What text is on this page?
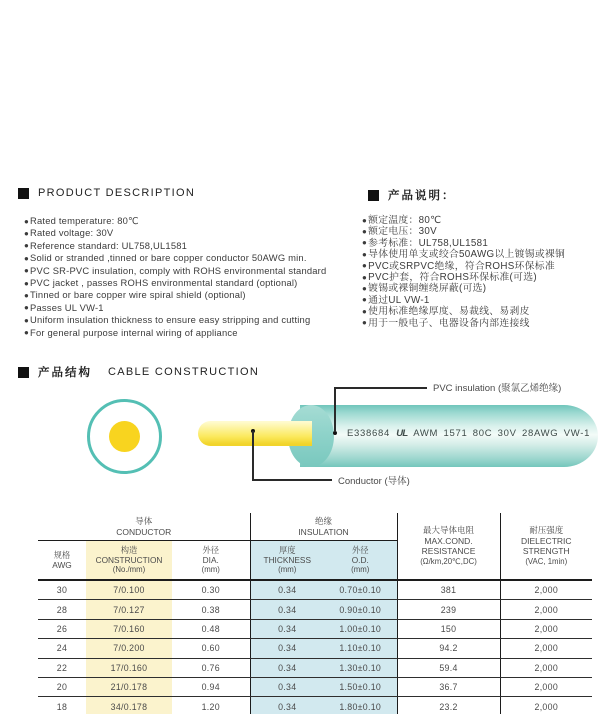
PRODUCT DESCRIPTION
● Rated temperature: 80℃
● Rated voltage: 30V
● Reference standard: UL758,UL1581
● Solid or stranded ,tinned or bare copper conductor 50AWG min.
● PVC SR-PVC insulation, comply with ROHS environmental standard
● PVC jacket , passes ROHS environmental standard (optional)
● Tinned or bare copper wire spiral shield (optional)
● Passes UL VW-1
● Uniform insulation thickness to ensure easy stripping and cutting
● For general purpose internal wiring of appliance
产品说明：
● 额定温度：80℃
● 额定电压：30V
● 参考标准：UL758,UL1581
● 导体使用单支或绞合50AWG以上镀锡或裸铜
● PVC或SRPVC绝缘，符合ROHS环保标准
● PVC护套，符合ROHS环保标准(可选)
● 镀锡或裸铜缠绕屏蔽(可选)
● 通过UL VW-1
● 使用标准绝缘厚度、易裁线、易剥皮
● 用于一般电子、电器设备内部连接线
产品结构 CABLE CONSTRUCTION
E338684 UL AWM 1571 80C 30V 28AWG VW-1
PVC insulation (聚氯乙烯绝缘)
Conductor (导体)
导体
CONDUCTOR

绝缘
INSULATION	最大导体电阻
MAX.COND.
RESISTANCE
(Ω/km,20℃,DC)

耐压强度
DIELECTRIC
STRENGTH
(VAC, 1min)

规格
AWG

构造
CONSTRUCTION
(No./mm)

外径
DIA.
(mm)

厚度
THICKNESS
(mm)

外径
O.D.
(mm)

30	7/0.100	0.30	0.34	0.70±0.10	381	2,000
28	7/0.127	0.38	0.34	0.90±0.10	239	2,000
26	7/0.160	0.48	0.34	1.00±0.10	150	2,000
24	7/0.200	0.60	0.34	1.10±0.10	94.2	2,000
22	17/0.160	0.76	0.34	1.30±0.10	59.4	2,000
20	21/0.178	0.94	0.34	1.50±0.10	36.7	2,000
18	34/0.178	1.20	0.34	1.80±0.10	23.2	2,000
